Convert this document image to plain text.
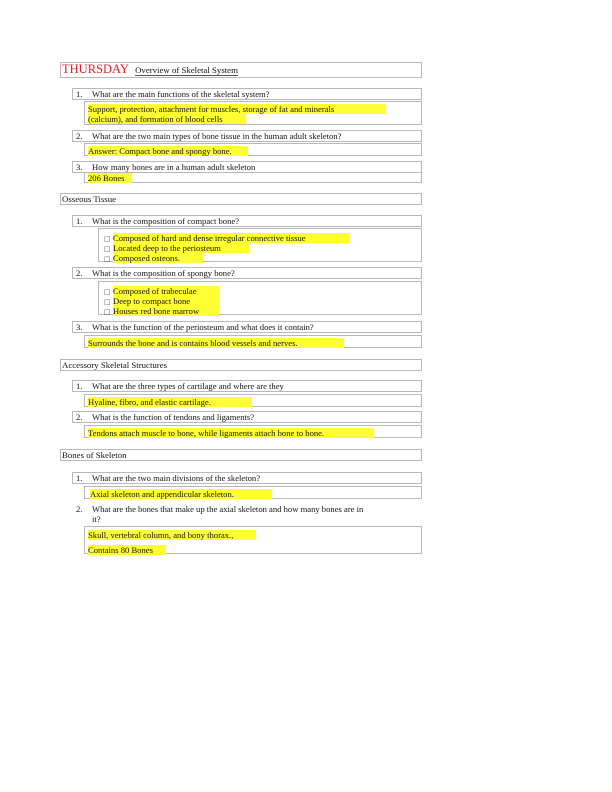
THURSDAY Overview of Skeletal System
1. What are the main functions of the skeletal system?
Support, protection, attachment for muscles, storage of fat and minerals
(calcium), and formation of blood cells
2. What are the two main types of bone tissue in the human adult skeleton?
Answer: Compact bone and spongy bone.
3. How many bones are in a human adult skeleton
206 Bones
Osseous Tissue
1. What is the composition of compact bone?
□ Composed of hard and dense irregular connective tissue
□ Located deep to the periosteum
□ Composed osteons.
2. What is the composition of spongy bone?
□ Composed of trabeculae
□ Deep to compact bone
□ Houses red bone marrow
3. What is the function of the periosteum and what does it contain?
Surrounds the bone and is contains blood vessels and nerves.
Accessory Skeletal Structures
1. What are the three types of cartilage and where are they
Hyaline, fibro, and elastic cartilage.
2. What is the function of tendons and ligaments?
Tendons attach muscle to bone, while ligaments attach bone to bone.
Bones of Skeleton
1. What are the two main divisions of the skeleton?
Axial skeleton and appendicular skeleton.
2. What are the bones that make up the axial skeleton and how many bones are in
it?
Skull, vertebral column, and bony thorax.,
Contains 80 Bones
